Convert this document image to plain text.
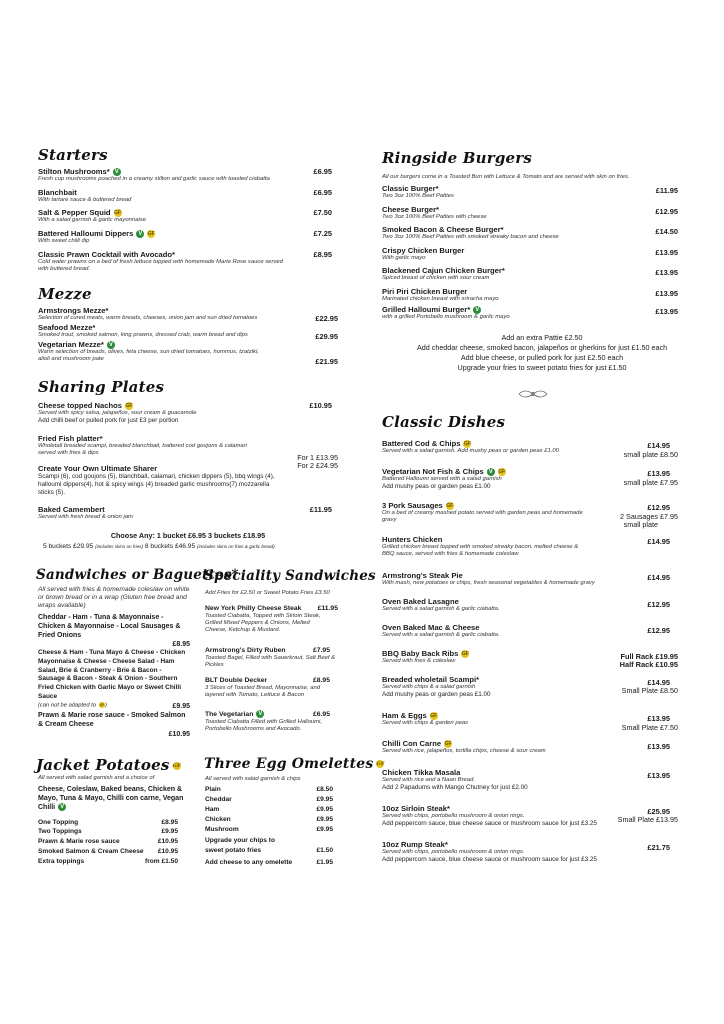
Starters
Stilton Mushrooms* V
Fresh cup mushrooms poached in a creamy stilton and garlic sauce with toasted ciabatta
£6.95
Blanchbait
With tartare sauce & buttered bread
£6.95
Salt & Pepper Squid GF
With a salad garnish & garlic mayonnaise
£7.50
Battered Halloumi Dippers V GF
With sweet chilli dip
£7.25
Classic Prawn Cocktail with Avocado*
Cold water prawns on a bed of fresh lettuce topped with homemade Marie Rose sauce served with buttered bread.
£8.95
Mezze
Armstrongs Mezze*
Selection of cured meats, warm breads, cheeses, onion jam and sun dried tomatoes	£22.95
Seafood Mezze*
Smoked trout, smoked salmon, king prawns, dressed crab, warm bread and dips	£29.95
Vegetarian Mezze* V
Warm selection of breads, olives, feta cheese, sun dried tomatoes, hummus, tzatziki, alioli and mushroom pate	£21.95
Sharing Plates
Cheese topped Nachos GF
Served with spicy salsa, jalapeños, sour cream & guacamole
Add chilli beef or pulled pork for just £3 per portion
£10.95
Fried Fish platter*
Wholetail breaded scampi, breaded blanchbait, battered cod goujons & calamari served with fries & dips	For 1 £13.95
For 2 £24.95
Create Your Own Ultimate Sharer
Scampi (6), cod goujons (5), blanchbait, calamari, chicken dippers (5), bbq wings (4), halloumi dippers(4), hot & spicy wings (4) breaded garlic mushrooms(7) mozzarella sticks (5).
Baked Camembert
Served with fresh bread & onion jam
£11.95
Choose Any: 1 bucket £6.95 3 buckets £18.95
5 buckets £29.95 (includes skins on fries) 8 buckets £46.95 (includes skins on fries & garlic bread)
Sandwiches or Baguettes*
All served with fries & homemade coleslaw on white or brown bread or in a wrap (Gluten free bread and wraps available)
Cheddar - Ham - Tuna & Mayonnaise - Chicken & Mayonnaise - Local Sausages & Fried Onions
£8.95
Cheese & Ham - Tuna Mayo & Cheese - Chicken Mayonnaise & Cheese - Cheese Salad - Ham Salad, Brie & Cranberry - Brie & Bacon - Sausage & Bacon - Steak & Onion - Southern Fried Chicken with Garlic Mayo or Sweet Chilli Sauce
(can not be adapted to GF)	£9.95
Prawn & Marie rose sauce - Smoked Salmon & Cream Cheese
£10.95
Jacket Potatoes GF
All served with salad garnish and a choice of
Cheese, Coleslaw, Baked beans, Chicken & Mayo, Tuna & Mayo, Chilli con carne, Vegan Chilli V
One Topping	£8.95
Two Toppings	£9.95
Prawn & Marie rose sauce	£10.95
Smoked Salmon & Cream Cheese £10.95
Extra toppings	from £1.50
Speciality Sandwiches
Add Fries for £2.50 or Sweet Potato Fries £3.50
New York Philly Cheese Steak	£11.95
Toasted Ciabatta, Topped with Sirloin Steak, Grilled Mixed Peppers & Onions, Melted Cheese, Ketchup & Mustard.
Armstrong's Dirty Ruben	£7.95
Toasted Bagel, Filled with Sauerkraut, Salt Beef & Pickles
BLT Double Decker	£8.95
3 Slices of Toasted Bread, Mayonnaise, and layered with Tomato, Lettuce & Bacon
The Vegetarian V	£6.95
Toasted Ciabatta Filled with Grilled Halloumi, Portobello Mushrooms and Avocado.
Three Egg Omelettes GF
All served with salad garnish & chips
Plain	£8.50
Cheddar	£9.95
Ham	£9.95
Chicken	£9.95
Mushroom	£9.95
Upgrade your chips to
sweet potato fries	£1.50
Add cheese to any omelette	£1.95
Ringside Burgers
All our burgers come in a Toasted Bun with Lettuce & Tomato and are served with skin on fries.
Classic Burger*
Two 3oz 100% Beef Patties
£11.95
Cheese Burger*
Two 3oz 100% Beef Patties with cheese
£12.95
Smoked Bacon & Cheese Burger*
Two 3oz 100% Beef Patties with smoked streaky bacon and cheese
£14.50
Crispy Chicken Burger
With garlic mayo
£13.95
Blackened Cajun Chicken Burger*
Spiced breast of chicken with sour cream
£13.95
Piri Piri Chicken Burger
Marinated chicken breast with sriracha mayo
£13.95
Grilled Halloumi Burger* V
with a grilled Portobello mushroom & garlic mayo
£13.95
Add an extra Pattie £2.50
Add cheddar cheese, smoked bacon, jalapeños or gherkins for just £1.50 each
Add blue cheese, or pulled pork for just £2.50 each
Upgrade your fries to sweet potato fries for just £1.50
Classic Dishes
Battered Cod & Chips GF
Served with a salad garnish. Add mushy peas or garden peas £1.00
£14.95
small plate £8.50
Vegetarian Not Fish & Chips V GF
Battered Halloumi served with a salad garnish
Add mushy peas or garden peas £1.00
£13.95
small plate £7.95
3 Pork Sausages GF
On a bed of creamy mashed potato served with garden peas and homemade gravy
£12.95
2 Sausages £7.95
small plate
Hunters Chicken
Grilled chicken breast topped with smoked streaky bacon, melted cheese & BBQ sauce, served with fries & homemade coleslaw
£14.95
Armstrong's Steak Pie
With mash, new potatoes or chips, fresh seasonal vegetables & homemade gravy
£14.95
Oven Baked Lasagne
Served with a salad garnish & garlic ciabatta.	£12.95
Oven Baked Mac & Cheese
Served with a salad garnish & garlic ciabatta.	£12.95
BBQ Baby Back Ribs GF
Served with fries & coleslaw	Full Rack £19.95
Half Rack £10.95
Breaded wholetail Scampi*
Served with chips & a salad garnish
Add mushy peas or garden peas £1.00
£14.95
Small Plate £8.50
Ham & Eggs GF
Served with chips & garden peas	£13.95
Small Plate £7.50
Chilli Con Carne GF
Served with rice, jalapeños, tortilla chips, cheese & sour cream	£13.95
Chicken Tikka Masala
Served with rice and a Naan Bread.
Add 2 Papadums with Mango Chutney for just £2.00
£13.95
10oz Sirloin Steak*
Served with chips, portobello mushroom & onion rings.
Add peppercorn sauce, blue cheese sauce or mushroom sauce for just £3.25
£25.95
Small Plate £13.95
10oz Rump Steak*
Served with chips, portobello mushroom & onion rings.
Add peppercorn sauce, blue cheese sauce or mushroom sauce for just £3.25
£21.75
